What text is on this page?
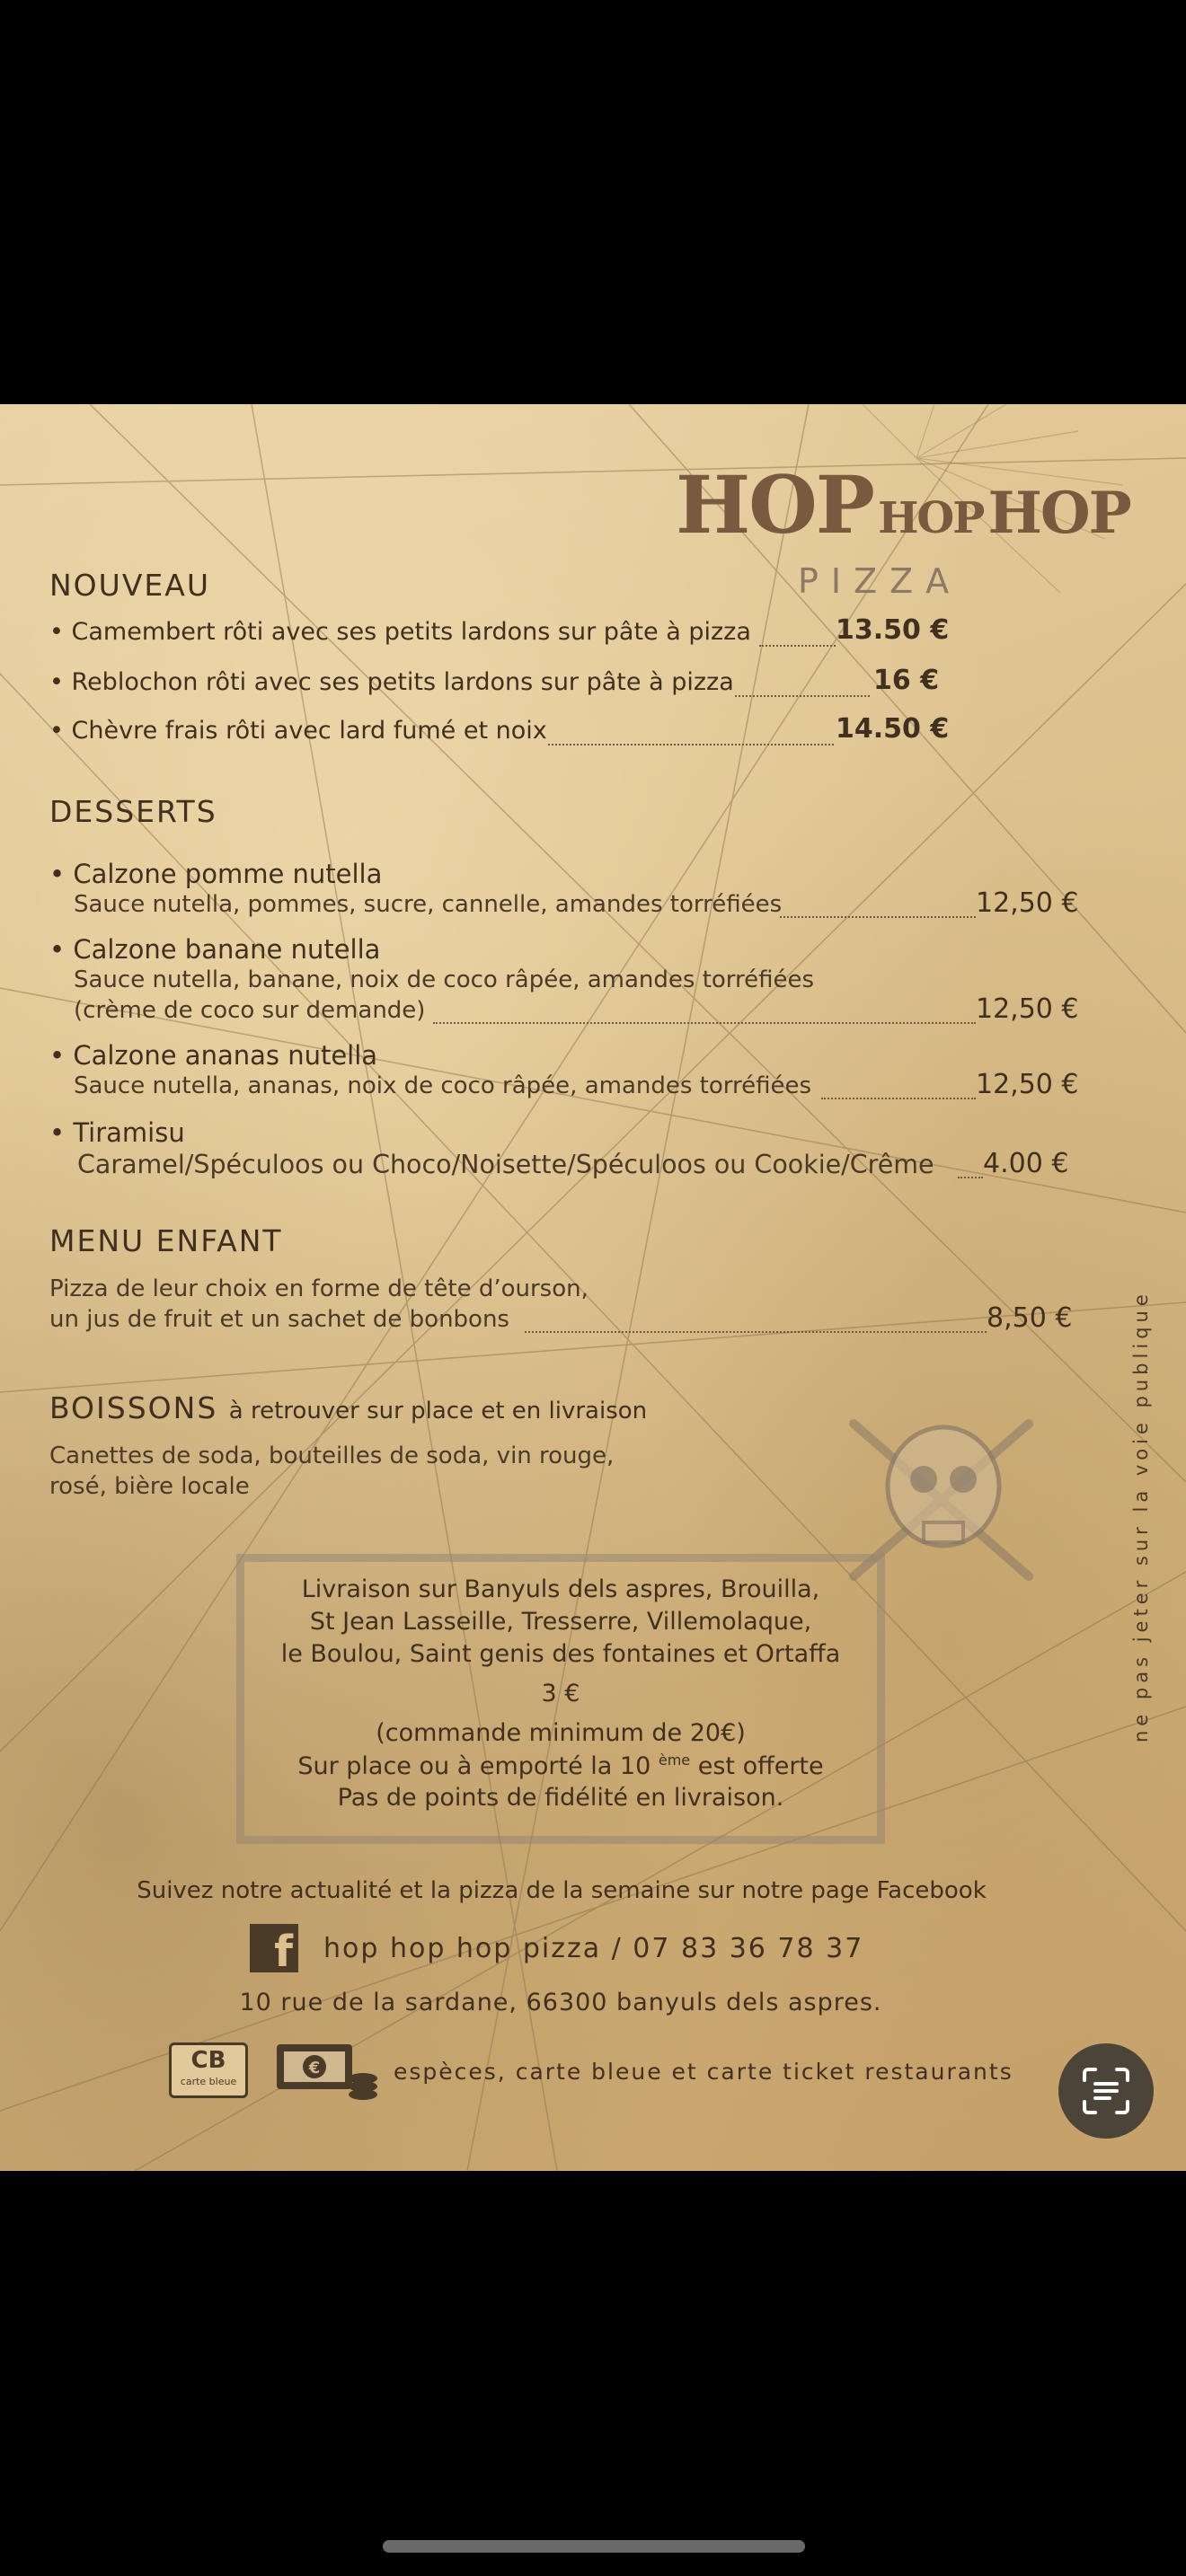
HOP HOP HOP
PIZZA
NOUVEAU
• Camembert rôti avec ses petits lardons sur pâte à pizza	13.50 €
• Reblochon rôti avec ses petits lardons sur pâte à pizza	16 €
• Chèvre frais rôti avec lard fumé et noix	14.50 €
DESSERTS
• Calzone pomme nutella
Sauce nutella, pommes, sucre, cannelle, amandes torréfiées	12,50 €
• Calzone banane nutella
Sauce nutella, banane, noix de coco râpée, amandes torréfiées
(crème de coco sur demande)	12,50 €
• Calzone ananas nutella
Sauce nutella, ananas, noix de coco râpée, amandes torréfiées	12,50 €
• Tiramisu
Caramel/Spéculoos ou Choco/Noisette/Spéculoos ou Cookie/Crême 4.00 €
MENU ENFANT
Pizza de leur choix en forme de tête d’ourson,
un jus de fruit et un sachet de bonbons	8,50 €
BOISSONS à retrouver sur place et en livraison
Canettes de soda, bouteilles de soda, vin rouge,
rosé, bière locale
Livraison sur Banyuls dels aspres, Brouilla,
St Jean Lasseille, Tresserre, Villemolaque,
le Boulou, Saint genis des fontaines et Ortaffa
3 €
(commande minimum de 20€)
Sur place ou à emporté la 10 $^{ème}$ est offerte
Pas de points de fidélité en livraison.
ne pas jeter sur la voie publique
Suivez notre actualité et la pizza de la semaine sur notre page Facebook
f hop hop hop pizza / 07 83 36 78 37
10 rue de la sardane, 66300 banyuls dels aspres.
CB
carte bleue
€	espèces, carte bleue et carte ticket restaurants
